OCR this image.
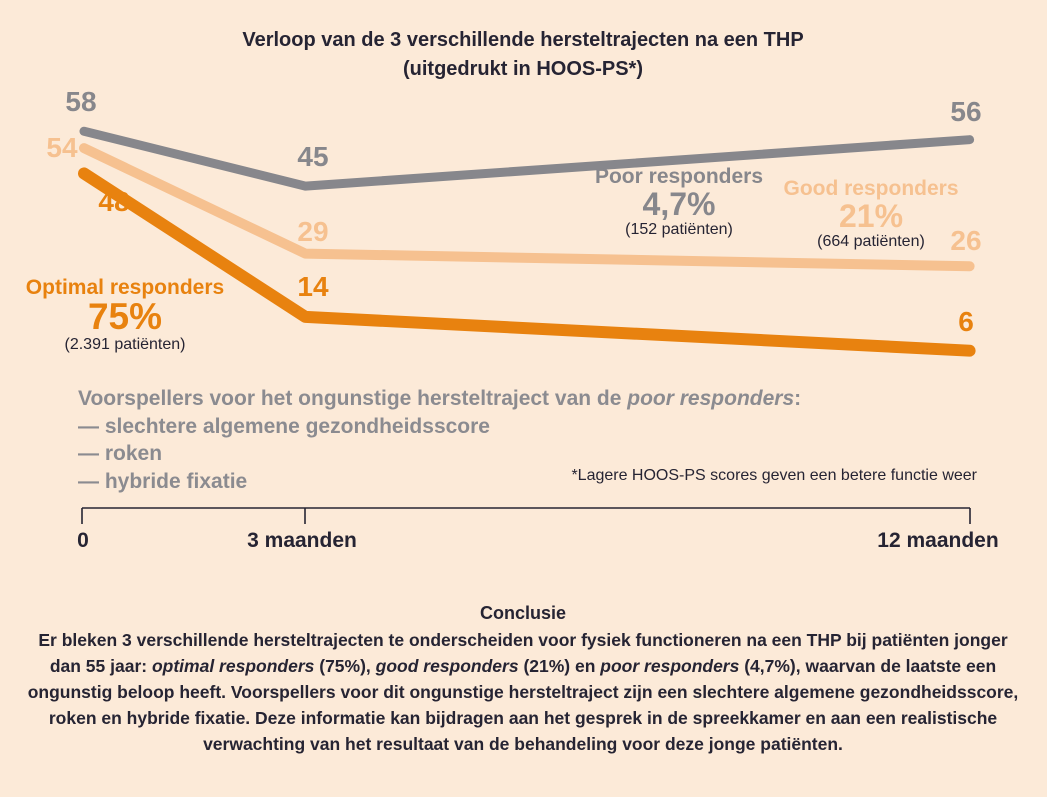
Verloop van de 3 verschillende hersteltrajecten na een THP
(uitgedrukt in HOOS-PS*)
58
45
56
54
29	26
48
14
6
Optimal responders
75%
(2.391 patiënten)
Poor responders
4,7%
(152 patiënten)
Good responders
21%
(664 patiënten)
Voorspellers voor het ongunstige hersteltraject van de poor responders:
— slechtere algemene gezondheidsscore
— roken
— hybride fixatie	*Lagere HOOS-PS scores geven een betere functie weer
0	3 maanden	12 maanden
Conclusie
Er bleken 3 verschillende hersteltrajecten te onderscheiden voor fysiek functioneren na een THP bij patiënten jonger dan 55 jaar: optimal responders (75%), good responders (21%) en poor responders (4,7%), waarvan de laatste een ongunstig beloop heeft. Voorspellers voor dit ongunstige hersteltraject zijn een slechtere algemene gezondheidsscore, roken en hybride fixatie. Deze informatie kan bijdragen aan het gesprek in de spreekkamer en aan een realistische verwachting van het resultaat van de behandeling voor deze jonge patiënten.
